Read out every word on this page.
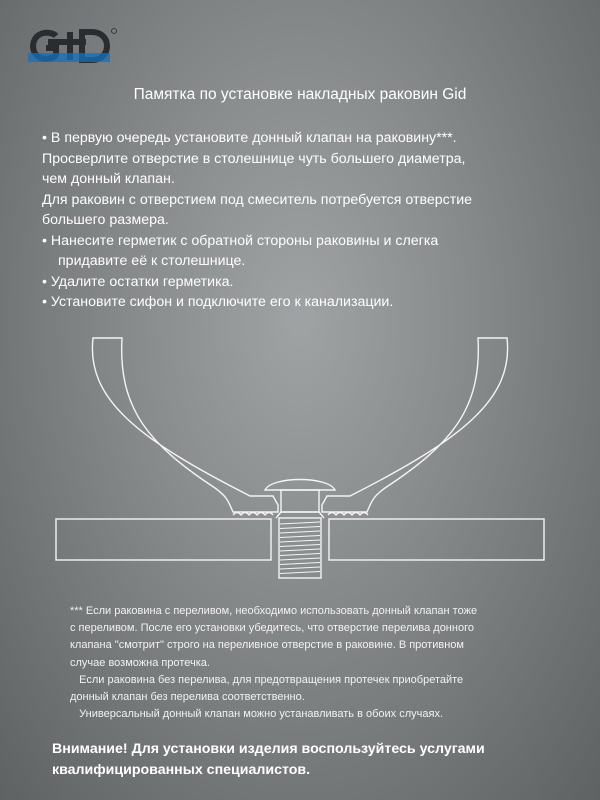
Памятка по установке накладных раковин Gid

• В первую очередь установите донный клапан на раковину***.

Просверлите отверстие в столешнице чуть большего диаметра,

чем донный клапан.

Для раковин с отверстием под смеситель потребуется отверстие

большего размера.

• Нанесите герметик с обратной стороны раковины и слегка

придавите её к столешнице.

• Удалите остатки герметика.

• Установите сифон и подключите его к канализации.

*** Если раковина с переливом, необходимо использовать донный клапан тоже

с переливом. После его установки убедитесь, что отверстие перелива донного

клапана "смотрит" строго на переливное отверстие в раковине. В противном

случае возможна протечка.

Если раковина без перелива, для предотвращения протечек приобретайте

донный клапан без перелива соответственно.

Универсальный донный клапан можно устанавливать в обоих случаях.

Внимание! Для установки изделия воспользуйтесь услугами

квалифицированных специалистов.
